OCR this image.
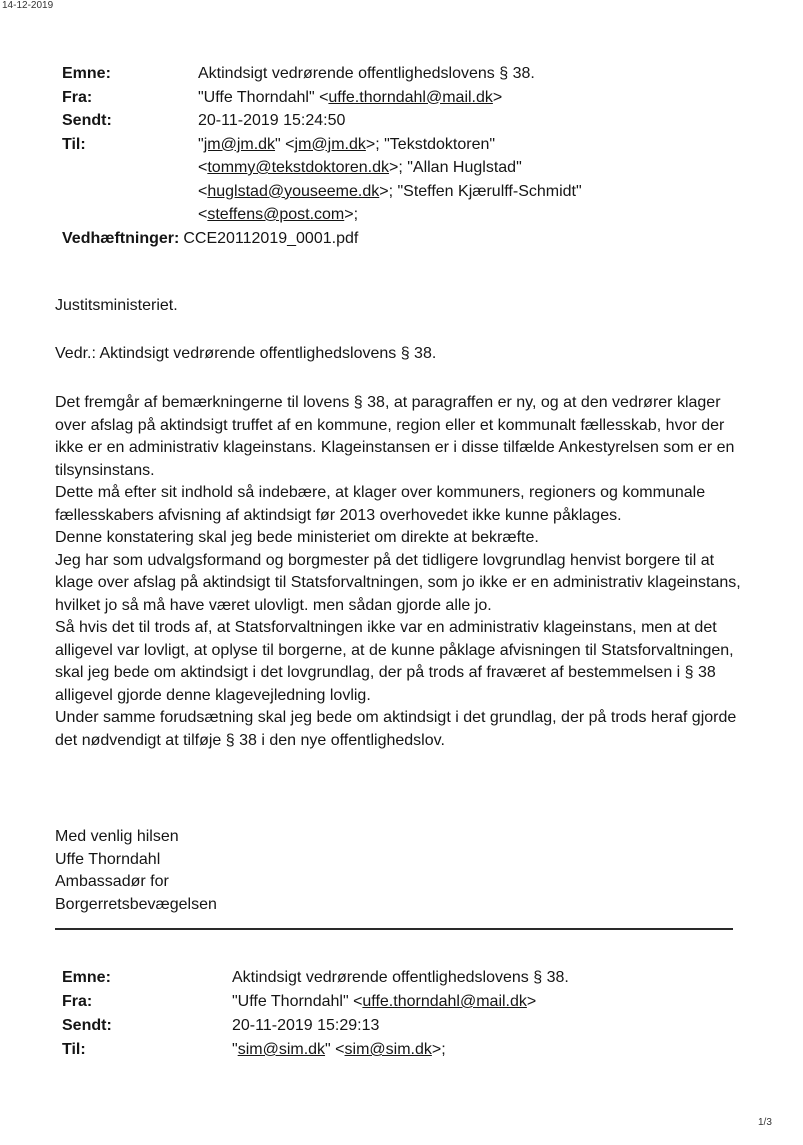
14-12-2019
Emne:	Aktindsigt vedrørende offentlighedslovens § 38.
Fra:	"Uffe Thorndahl" <uffe.thorndahl@mail.dk>
Sendt:	20-11-2019 15:24:50
Til:	"jm@jm.dk" <jm@jm.dk>; "Tekstdoktoren"
<tommy@tekstdoktoren.dk>; "Allan Huglstad"
<huglstad@youseeme.dk>; "Steffen Kjærulff-Schmidt"
<steffens@post.com>;
Vedhæftninger: CCE20112019_0001.pdf
Justitsministeriet.
Vedr.: Aktindsigt vedrørende offentlighedslovens § 38.

Det fremgår af bemærkningerne til lovens § 38, at paragraffen er ny, og at den vedrører klager over afslag på aktindsigt truffet af en kommune, region eller et kommunalt fællesskab, hvor der ikke er en administrativ klageinstans. Klageinstansen er i disse tilfælde Ankestyrelsen som er en tilsynsinstans.

Dette må efter sit indhold så indebære, at klager over kommuners, regioners og kommunale fællesskabers afvisning af aktindsigt før 2013 overhovedet ikke kunne påklages.

Denne konstatering skal jeg bede ministeriet om direkte at bekræfte.

Jeg har som udvalgsformand og borgmester på det tidligere lovgrundlag henvist borgere til at klage over afslag på aktindsigt til Statsforvaltningen, som jo ikke er en administrativ klageinstans, hvilket jo så må have været ulovligt. men sådan gjorde alle jo.

Så hvis det til trods af, at Statsforvaltningen ikke var en administrativ klageinstans, men at det alligevel var lovligt, at oplyse til borgerne, at de kunne påklage afvisningen til Statsforvaltningen, skal jeg bede om aktindsigt i det lovgrundlag, der på trods af fraværet af bestemmelsen i § 38 alligevel gjorde denne klagevejledning lovlig.

Under samme forudsætning skal jeg bede om aktindsigt i det grundlag, der på trods heraf gjorde det nødvendigt at tilføje § 38 i den nye offentlighedslov.

Med venlig hilsen
Uffe Thorndahl
Ambassadør for
Borgerretsbevægelsen
Emne:	Aktindsigt vedrørende offentlighedslovens § 38.
Fra:	"Uffe Thorndahl" <uffe.thorndahl@mail.dk>
Sendt:	20-11-2019 15:29:13
Til:	"sim@sim.dk" <sim@sim.dk>;
1/3
